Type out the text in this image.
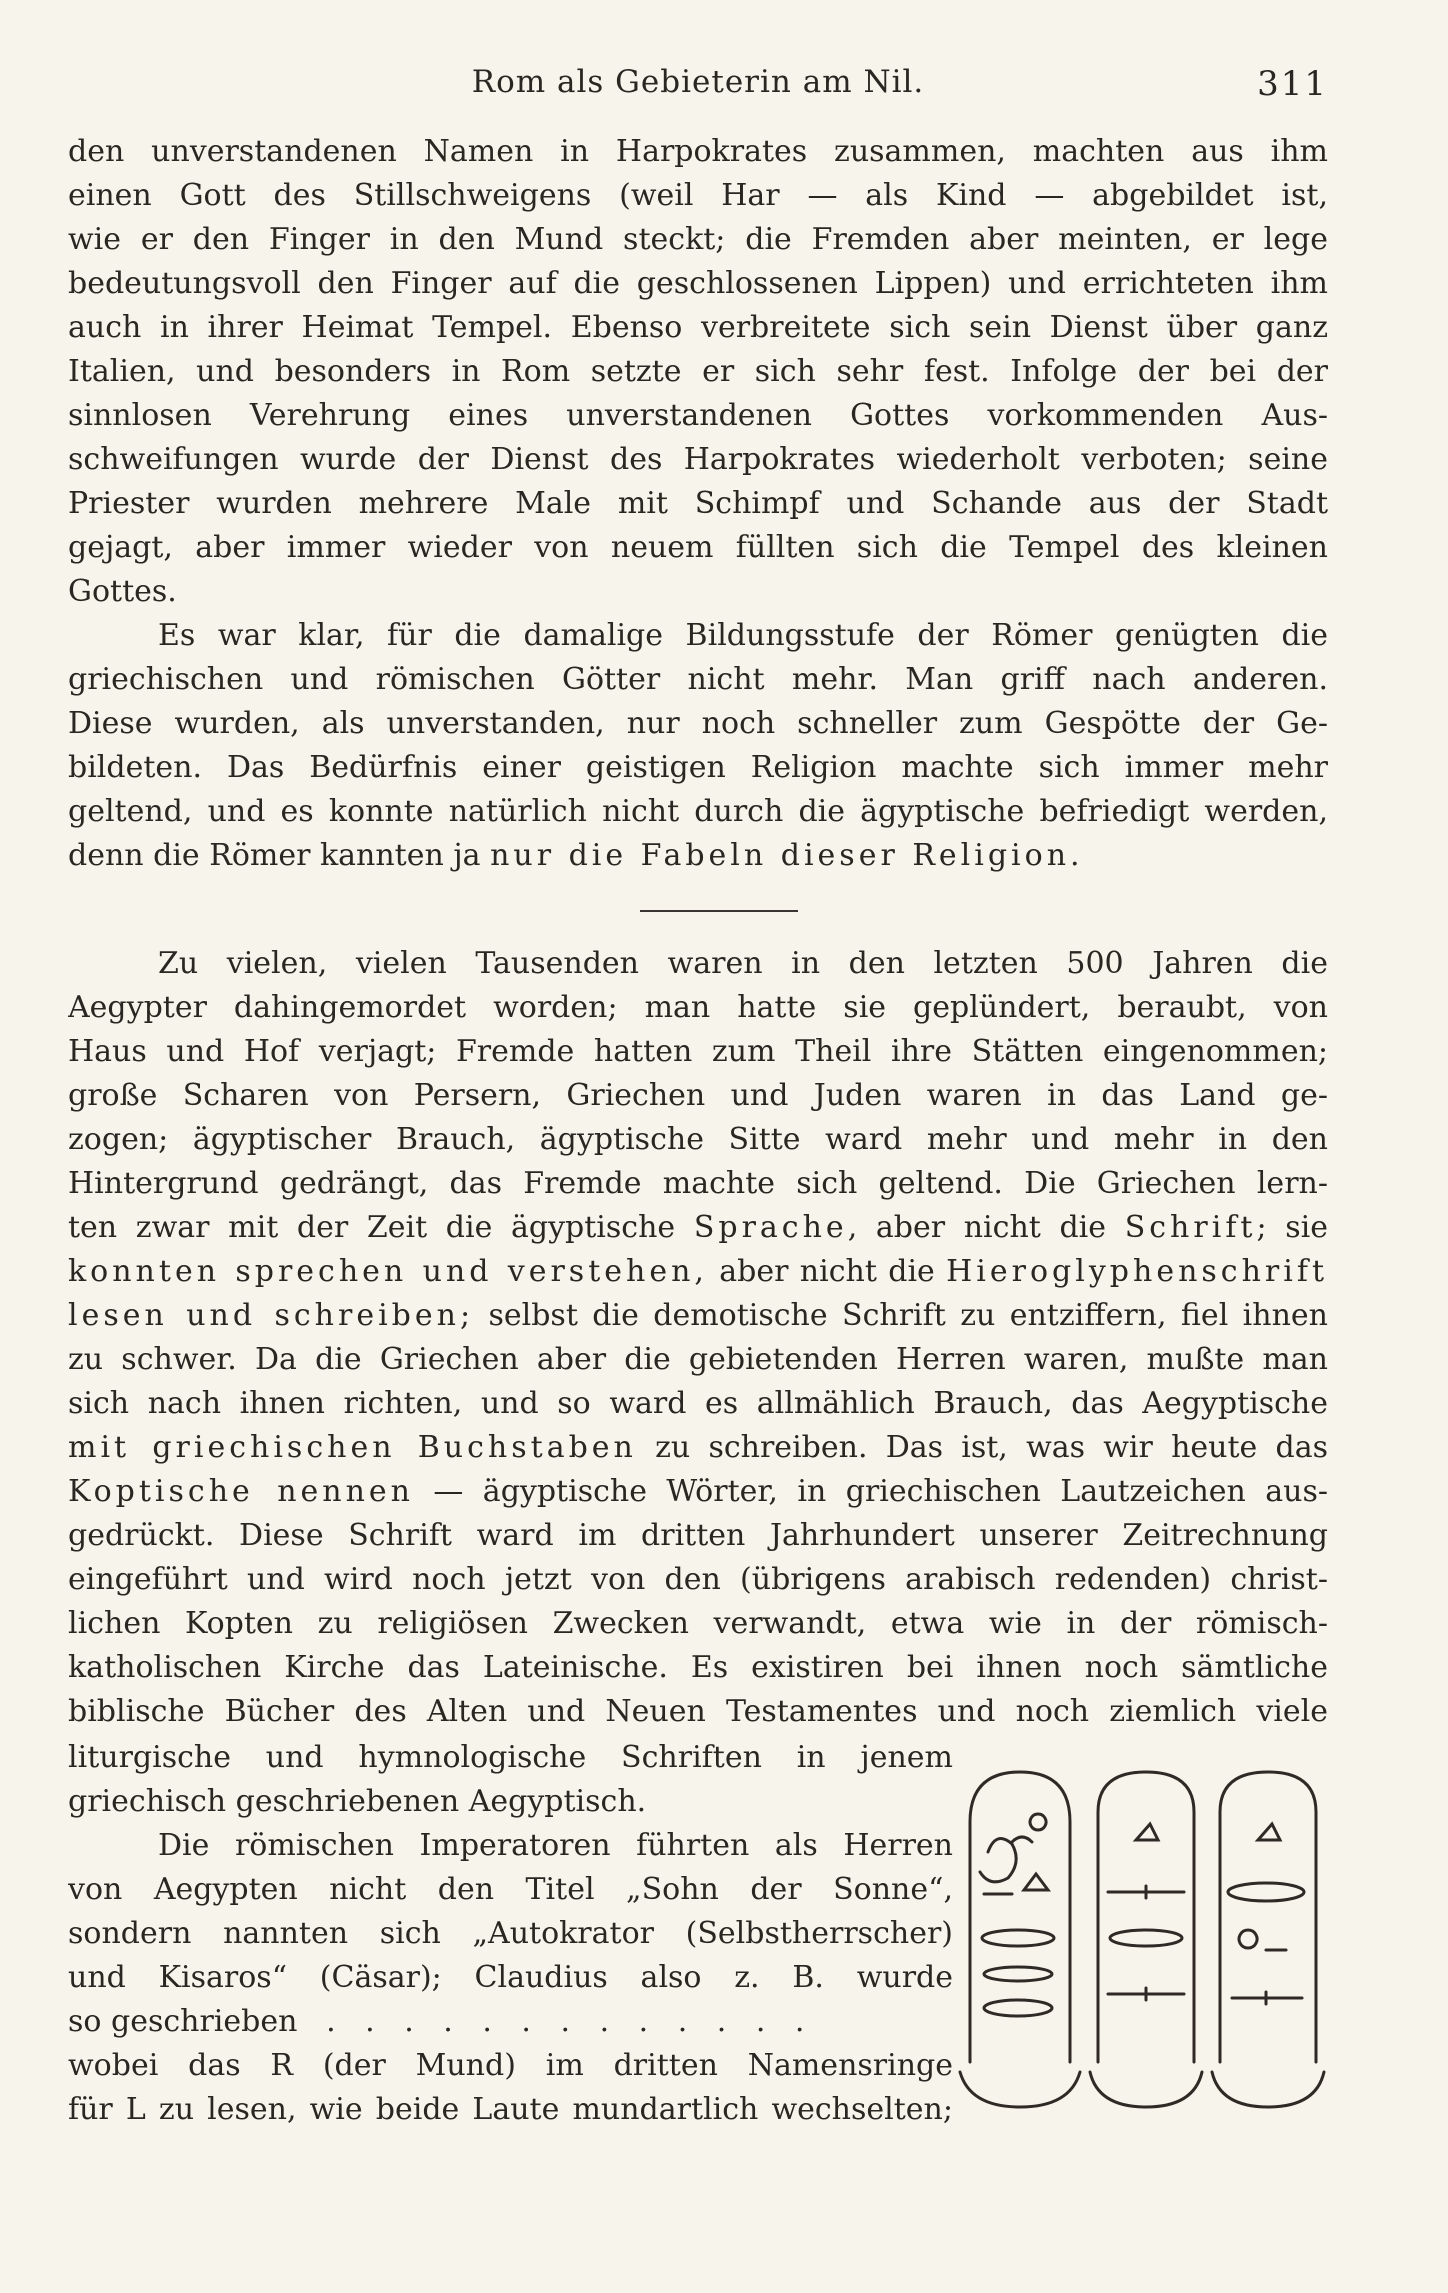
Rom als Gebieterin am Nil.	311
den unverstandenen Namen in Harpokrates zusammen, machten aus ihm
einen Gott des Stillschweigens (weil Har — als Kind — abgebildet ist,
wie er den Finger in den Mund steckt; die Fremden aber meinten, er lege
bedeutungsvoll den Finger auf die geschlossenen Lippen) und errichteten ihm
auch in ihrer Heimat Tempel. Ebenso verbreitete sich sein Dienst über ganz
Italien, und besonders in Rom setzte er sich sehr fest. Infolge der bei der
sinnlosen Verehrung eines unverstandenen Gottes vorkommenden Aus-
schweifungen wurde der Dienst des Harpokrates wiederholt verboten; seine
Priester wurden mehrere Male mit Schimpf und Schande aus der Stadt
gejagt, aber immer wieder von neuem füllten sich die Tempel des kleinen
Gottes.
Es war klar, für die damalige Bildungsstufe der Römer genügten die
griechischen und römischen Götter nicht mehr. Man griff nach anderen.
Diese wurden, als unverstanden, nur noch schneller zum Gespötte der Ge-
bildeten. Das Bedürfnis einer geistigen Religion machte sich immer mehr
geltend, und es konnte natürlich nicht durch die ägyptische befriedigt werden,
denn die Römer kannten ja nur die Fabeln dieser Religion.
Zu vielen, vielen Tausenden waren in den letzten 500 Jahren die
Aegypter dahingemordet worden; man hatte sie geplündert, beraubt, von
Haus und Hof verjagt; Fremde hatten zum Theil ihre Stätten eingenommen;
große Scharen von Persern, Griechen und Juden waren in das Land ge-
zogen; ägyptischer Brauch, ägyptische Sitte ward mehr und mehr in den
Hintergrund gedrängt, das Fremde machte sich geltend. Die Griechen lern-
ten zwar mit der Zeit die ägyptische Sprache, aber nicht die Schrift; sie
konnten sprechen und verstehen, aber nicht die Hieroglyphenschrift
lesen und schreiben; selbst die demotische Schrift zu entziffern, fiel ihnen
zu schwer. Da die Griechen aber die gebietenden Herren waren, mußte man
sich nach ihnen richten, und so ward es allmählich Brauch, das Aegyptische
mit griechischen Buchstaben zu schreiben. Das ist, was wir heute das
Koptische nennen — ägyptische Wörter, in griechischen Lautzeichen aus-
gedrückt. Diese Schrift ward im dritten Jahrhundert unserer Zeitrechnung
eingeführt und wird noch jetzt von den (übrigens arabisch redenden) christ-
lichen Kopten zu religiösen Zwecken verwandt, etwa wie in der römisch-
katholischen Kirche das Lateinische. Es existiren bei ihnen noch sämtliche
biblische Bücher des Alten und Neuen Testamentes und noch ziemlich viele
liturgische und hymnologische Schriften in jenem
griechisch geschriebenen Aegyptisch.
Die römischen Imperatoren führten als Herren
von Aegypten nicht den Titel „Sohn der Sonne“,
sondern nannten sich „Autokrator (Selbstherrscher)
und Kisaros“ (Cäsar); Claudius also z. B. wurde
so geschrieben . . . . . . . . . . . . .
wobei das R (der Mund) im dritten Namensringe
für L zu lesen, wie beide Laute mundartlich wechselten;
